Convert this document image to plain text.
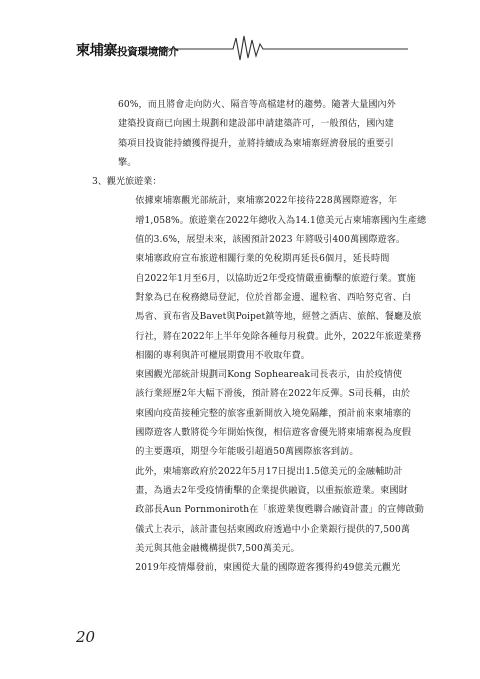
柬埔寨投資環境簡介
60%，而且將會走向防火、隔音等高檔建材的趨勢。隨著大量國內外
建築投資商已向國土規劃和建設部申請建築許可，一般預估，國內建
築項目投資能持續獲得提升，並將持續成為柬埔寨經濟發展的重要引
擎。
3、觀光旅遊業：
依據柬埔寨觀光部統計，柬埔寨2022年接待228萬國際遊客，年
增1,058%。旅遊業在2022年總收入為14.1億美元占柬埔寨國內生產總
值的3.6%，展望未來，該國預計2023 年將吸引400萬國際遊客。
柬埔寨政府宣布旅遊相關行業的免稅期再延長6個月，延長時間
自2022年1月至6月，以協助近2年受疫情嚴重衝擊的旅遊行業。實施
對象為已在稅務總局登記，位於首都金邊、暹粒省、西哈努克省、白
馬省、貢布省及Bavet與Poipet鎮等地，經營之酒店、旅館、餐廳及旅
行社，將在2022年上半年免除各種每月稅費。此外，2022年旅遊業務
相關的專利與許可權展期費用不收取年費。
柬國觀光部統計規劃司Kong Sopheareak司長表示，由於疫情使
該行業經歷2年大幅下滑後，預計將在2022年反彈。S司長稱，由於
柬國向疫苗接種完整的旅客重新開放入境免隔離，預計前來柬埔寨的
國際遊客人數將從今年開始恢復，相信遊客會優先將柬埔寨視為度假
的主要選項，期望今年能吸引超過50萬國際旅客到訪。
此外，柬埔寨政府於2022年5月17日提出1.5億美元的金融輔助計
畫，為過去2年受疫情衝擊的企業提供融資，以重振旅遊業。柬國財
政部長Aun Pornmoniroth在「旅遊業復甦聯合融資計畫」的宣傳啟動
儀式上表示，該計畫包括柬國政府透過中小企業銀行提供的7,500萬
美元與其他金融機構提供7,500萬美元。
2019年疫情爆發前，柬國從大量的國際遊客獲得約49億美元觀光
20
